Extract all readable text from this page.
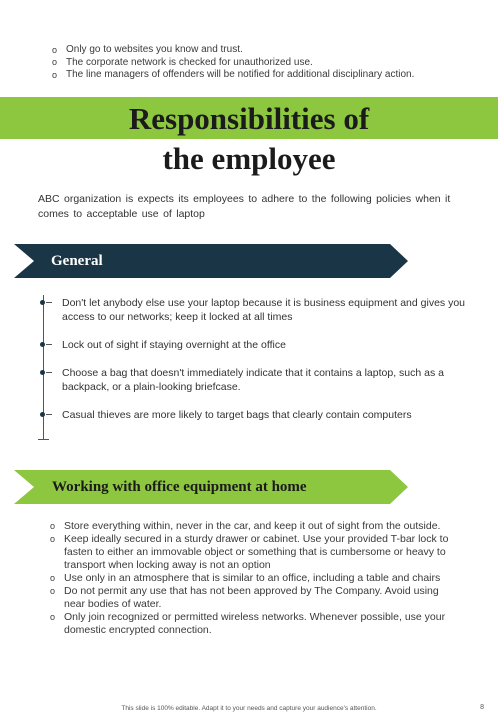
o Only go to websites you know and trust.
o The corporate network is checked for unauthorized use.
o The line managers of offenders will be notified for additional disciplinary action.
Responsibilities of
the employee

ABC organization is expects its employees to adhere to the following policies when it comes to acceptable use of laptop

General
Don't let anybody else use your laptop because it is business equipment and gives you access to our networks; keep it locked at all times
Lock out of sight if staying overnight at the office
Choose a bag that doesn't immediately indicate that it contains a laptop, such as a backpack, or a plain-looking briefcase.
Casual thieves are more likely to target bags that clearly contain computers
Working with office equipment at home
o Store everything within, never in the car, and keep it out of sight from the outside.
o Keep ideally secured in a sturdy drawer or cabinet. Use your provided T-bar lock to fasten to either an immovable object or something that is cumbersome or heavy to transport when locking away is not an option
o Use only in an atmosphere that is similar to an office, including a table and chairs
o Do not permit any use that has not been approved by The Company. Avoid using near bodies of water.
o Only join recognized or permitted wireless networks. Whenever possible, use your domestic encrypted connection.
This slide is 100% editable. Adapt it to your needs and capture your audience's attention.	8
